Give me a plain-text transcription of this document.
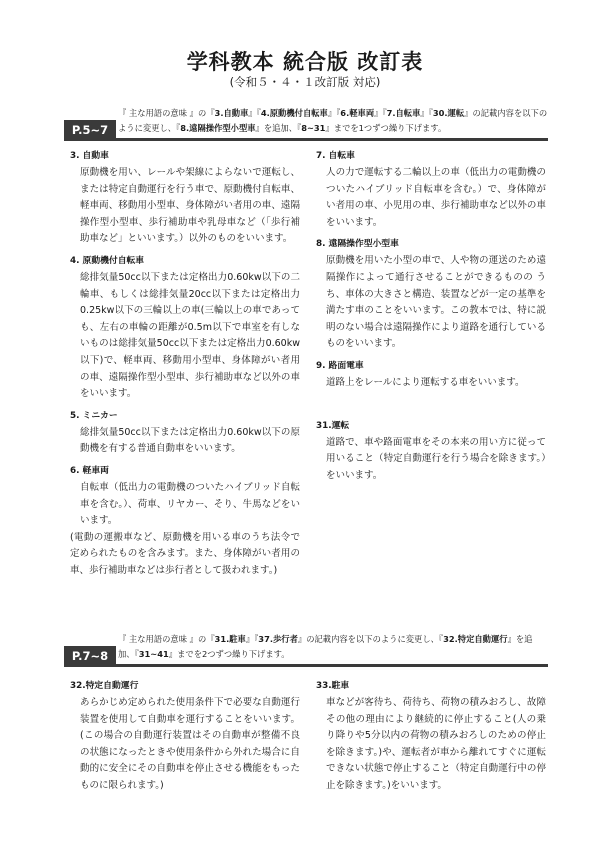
学科教本 統合版 改訂表
(令和５・４・１改訂版 対応)
P.5~7
『 主な用語の意味 』の『3.自動車』『4.原動機付自転車』『6.軽車両』『7.自転車』『30.運転』の記載内容を以下のように変更し、『8.遠隔操作型小型車』を追加、『8~31』までを1つずつ繰り下げます。
3. 自動車
原動機を用い、レールや架線によらないで運転し、または特定自動運行を行う車で、原動機付自転車、軽車両、移動用小型車、身体障がい者用の車、遠隔操作型小型車、歩行補助車や乳母車など（「歩行補助車など」といいます。）以外のものをいいます。
4. 原動機付自転車
総排気量50cc以下または定格出力0.60kw以下の二輪車、もしくは総排気量20cc以下または定格出力0.25kw以下の三輪以上の車(三輪以上の車であっても、左右の車輪の距離が0.5m以下で車室を有しないものは総排気量50cc以下または定格出力0.60kw以下)で、軽車両、移動用小型車、身体障がい者用の車、遠隔操作型小型車、歩行補助車など以外の車をいいます。
5. ミニカー
総排気量50cc以下または定格出力0.60kw以下の原動機を有する普通自動車をいいます。
6. 軽車両
自転車（低出力の電動機のついたハイブリッド自転車を含む。）、荷車、リヤカー、そり、牛馬などをいいます。
(電動の運搬車など、原動機を用いる車のうち法令で定められたものを含みます。また、身体障がい者用の車、歩行補助車などは歩行者として扱われます。)
7. 自転車
人の力で運転する二輪以上の車（低出力の電動機のついたハイブリッド自転車を含む。）で、身体障がい者用の車、小児用の車、歩行補助車など以外の車をいいます。
8. 遠隔操作型小型車
原動機を用いた小型の車で、人や物の運送のため遠隔操作によって通行させることができるものの うち、車体の大きさと構造、装置などが一定の基準を満たす車のことをいいます。この教本では、特に説明のない場合は遠隔操作により道路を通行しているものをいいます。
9. 路面電車
道路上をレールにより運転する車をいいます。
31.運転
道路で、車や路面電車をその本来の用い方に従って用いること（特定自動運行を行う場合を除きます。）をいいます。
P.7~8
『 主な用語の意味 』の『31.駐車』『37.歩行者』の記載内容を以下のように変更し、『32.特定自動運行』を追加、『31~41』までを2つずつ繰り下げます。
32.特定自動運行
あらかじめ定められた使用条件下で必要な自動運行装置を使用して自動車を運行することをいいます。(この場合の自動運行装置はその自動車が整備不良の状態になったときや使用条件から外れた場合に自動的に安全にその自動車を停止させる機能をもったものに限られます。)
33.駐車
車などが客待ち、荷待ち、荷物の積みおろし、故障その他の理由により継続的に停止すること(人の乗り降りや5分以内の荷物の積みおろしのための停止を除きます。)や、運転者が車から離れてすぐに運転できない状態で停止すること（特定自動運行中の停止を除きます。)をいいます。
